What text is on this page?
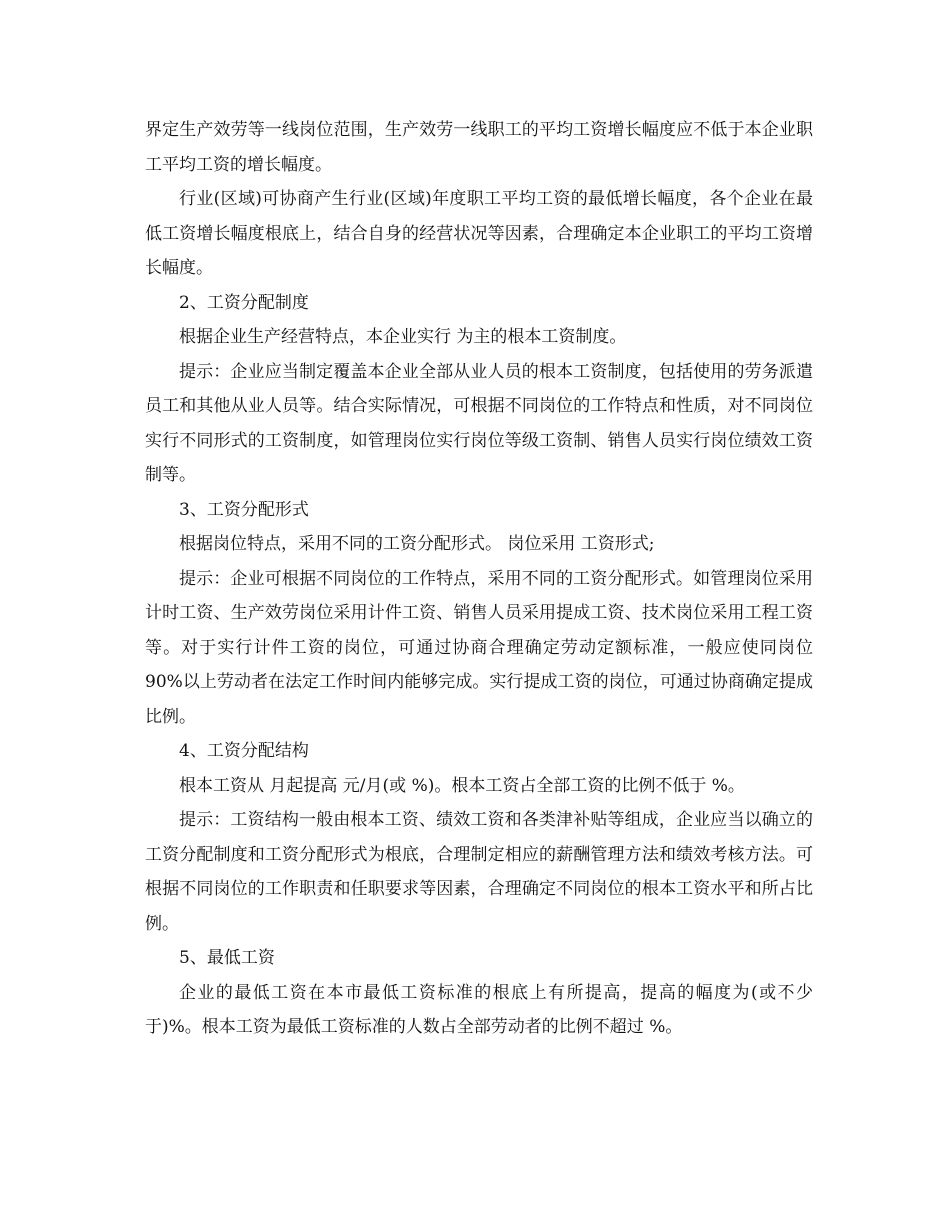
界定生产效劳等一线岗位范围，生产效劳一线职工的平均工资增长幅度应不低于本企业职工平均工资的增长幅度。

行业(区域)可协商产生行业(区域)年度职工平均工资的最低增长幅度，各个企业在最低工资增长幅度根底上，结合自身的经营状况等因素，合理确定本企业职工的平均工资增长幅度。

2、工资分配制度

根据企业生产经营特点，本企业实行 为主的根本工资制度。

提示：企业应当制定覆盖本企业全部从业人员的根本工资制度，包括使用的劳务派遣员工和其他从业人员等。结合实际情况，可根据不同岗位的工作特点和性质，对不同岗位实行不同形式的工资制度，如管理岗位实行岗位等级工资制、销售人员实行岗位绩效工资制等。

3、工资分配形式

根据岗位特点，采用不同的工资分配形式。 岗位采用 工资形式;

提示：企业可根据不同岗位的工作特点，采用不同的工资分配形式。如管理岗位采用计时工资、生产效劳岗位采用计件工资、销售人员采用提成工资、技术岗位采用工程工资等。对于实行计件工资的岗位，可通过协商合理确定劳动定额标准，一般应使同岗位 90%以上劳动者在法定工作时间内能够完成。实行提成工资的岗位，可通过协商确定提成比例。

4、工资分配结构

根本工资从 月起提高 元/月(或 %)。根本工资占全部工资的比例不低于 %。

提示：工资结构一般由根本工资、绩效工资和各类津补贴等组成，企业应当以确立的工资分配制度和工资分配形式为根底，合理制定相应的薪酬管理方法和绩效考核方法。可根据不同岗位的工作职责和任职要求等因素，合理确定不同岗位的根本工资水平和所占比例。

5、最低工资

企业的最低工资在本市最低工资标准的根底上有所提高，提高的幅度为(或不少于)%。根本工资为最低工资标准的人数占全部劳动者的比例不超过 %。
